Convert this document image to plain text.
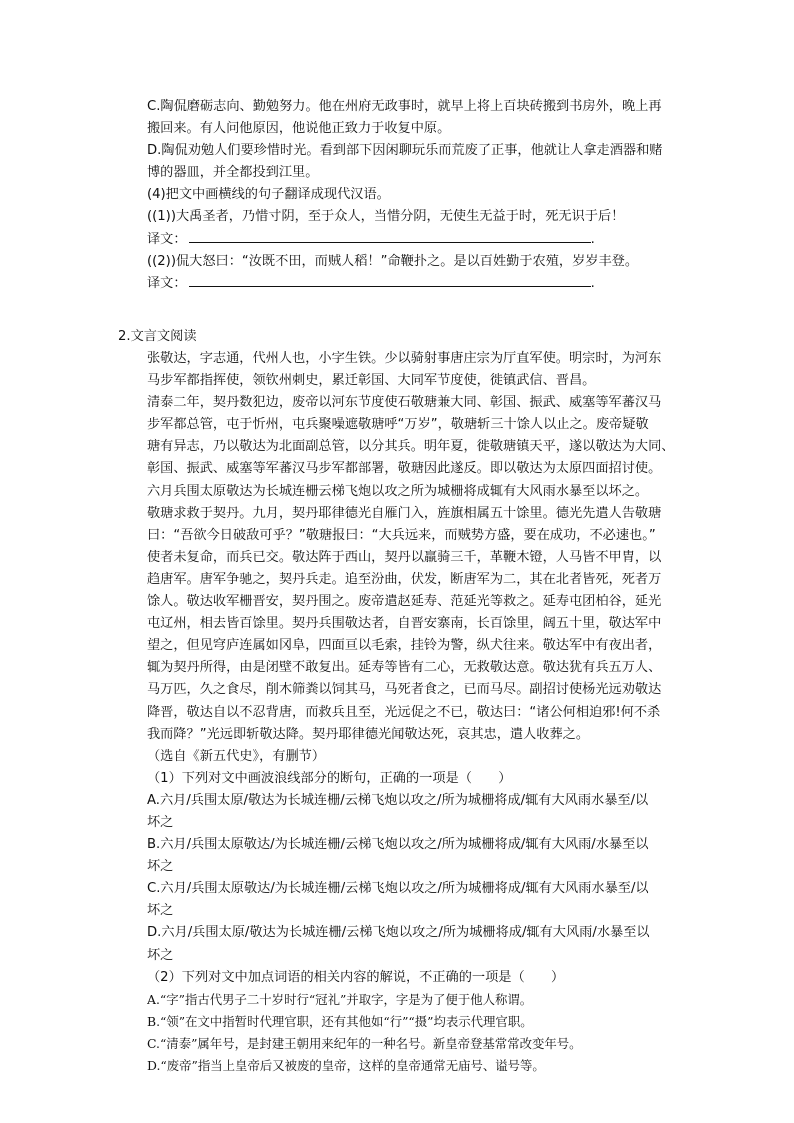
C.陶侃磨砺志向、勤勉努力。他在州府无政事时，就早上将上百块砖搬到书房外，晚上再
搬回来。有人问他原因，他说他正致力于收复中原。
D.陶侃劝勉人们要珍惜时光。看到部下因闲聊玩乐而荒废了正事，他就让人拿走酒器和赌
博的器皿，并全都投到江里。
(4)把文中画横线的句子翻译成现代汉语。
((1))大禹圣者，乃惜寸阴，至于众人，当惜分阴，无使生无益于时，死无识于后！
译文：	.
((2))侃大怒曰：“汝既不田，而贼人稻！”命鞭扑之。是以百姓勤于农殖，岁岁丰登。
译文：	.
2.文言文阅读
张敬达，字志通，代州人也，小字生铁。少以骑射事唐庄宗为厅直军使。明宗时，为河东
马步军都指挥使，领钦州刺史，累迁彰国、大同军节度使，徙镇武信、晋昌。
清泰二年，契丹数犯边，废帝以河东节度使石敬瑭兼大同、彰国、振武、威塞等军蕃汉马
步军都总管，屯于忻州，屯兵聚噪遮敬瑭呼“万岁”，敬瑭斩三十馀人以止之。废帝疑敬
瑭有异志，乃以敬达为北面副总管，以分其兵。明年夏，徙敬瑭镇天平，遂以敬达为大同、
彰国、振武、威塞等军蕃汉马步军都部署，敬瑭因此遂反。即以敬达为太原四面招讨使。
六月兵围太原敬达为长城连栅云梯飞炮以攻之所为城栅将成辄有大风雨水暴至以坏之。
敬瑭求救于契丹。九月，契丹耶律德光自雁门入，旌旗相属五十馀里。德光先遣人告敬瑭
曰：“吾欲今日破敌可乎？”敬瑭报曰：“大兵远来，而贼势方盛，要在成功，不必速也。”
使者未复命，而兵已交。敬达阵于西山，契丹以羸骑三千，革鞭木镫，人马皆不甲胄，以
趋唐军。唐军争驰之，契丹兵走。追至汾曲，伏发，断唐军为二，其在北者皆死，死者万
馀人。敬达收军栅晋安，契丹围之。废帝遣赵延寿、范延光等救之。延寿屯团柏谷，延光
屯辽州，相去皆百馀里。契丹兵围敬达者，自晋安寨南，长百馀里，阔五十里，敬达军中
望之，但见穹庐连属如冈阜，四面亘以毛索，挂铃为警，纵犬往来。敬达军中有夜出者，
辄为契丹所得，由是闭壁不敢复出。延寿等皆有二心，无救敬达意。敬达犹有兵五万人、
马万匹，久之食尽，削木筛粪以饲其马，马死者食之，已而马尽。副招讨使杨光远劝敬达
降晋，敬达自以不忍背唐，而救兵且至，光远促之不已，敬达曰：“诸公何相迫邪!何不杀
我而降？”光远即斩敬达降。契丹耶律德光闻敬达死，哀其忠，遣人收葬之。
（选自《新五代史》，有删节）
（1）下列对文中画波浪线部分的断句，正确的一项是（　　）
A.六月/兵围太原/敬达为长城连栅/云梯飞炮以攻之/所为城栅将成/辄有大风雨水暴至/以
坏之
B.六月/兵围太原敬达/为长城连栅/云梯飞炮以攻之/所为城栅将成/辄有大风雨/水暴至以
坏之
C.六月/兵围太原敬达/为长城连栅/云梯飞炮以攻之/所为城栅将成/辄有大风雨水暴至/以
坏之
D.六月/兵围太原/敬达为长城连栅/云梯飞炮以攻之/所为城栅将成/辄有大风雨/水暴至以
坏之
（2）下列对文中加点词语的相关内容的解说，不正确的一项是（　　）
A.“字”指古代男子二十岁时行“冠礼”并取字，字是为了便于他人称谓。
B.“领”在文中指暂时代理官职，还有其他如“行”“摄”均表示代理官职。
C.“清泰”属年号，是封建王朝用来纪年的一种名号。新皇帝登基常常改变年号。
D.“废帝”指当上皇帝后又被废的皇帝，这样的皇帝通常无庙号、谥号等。
